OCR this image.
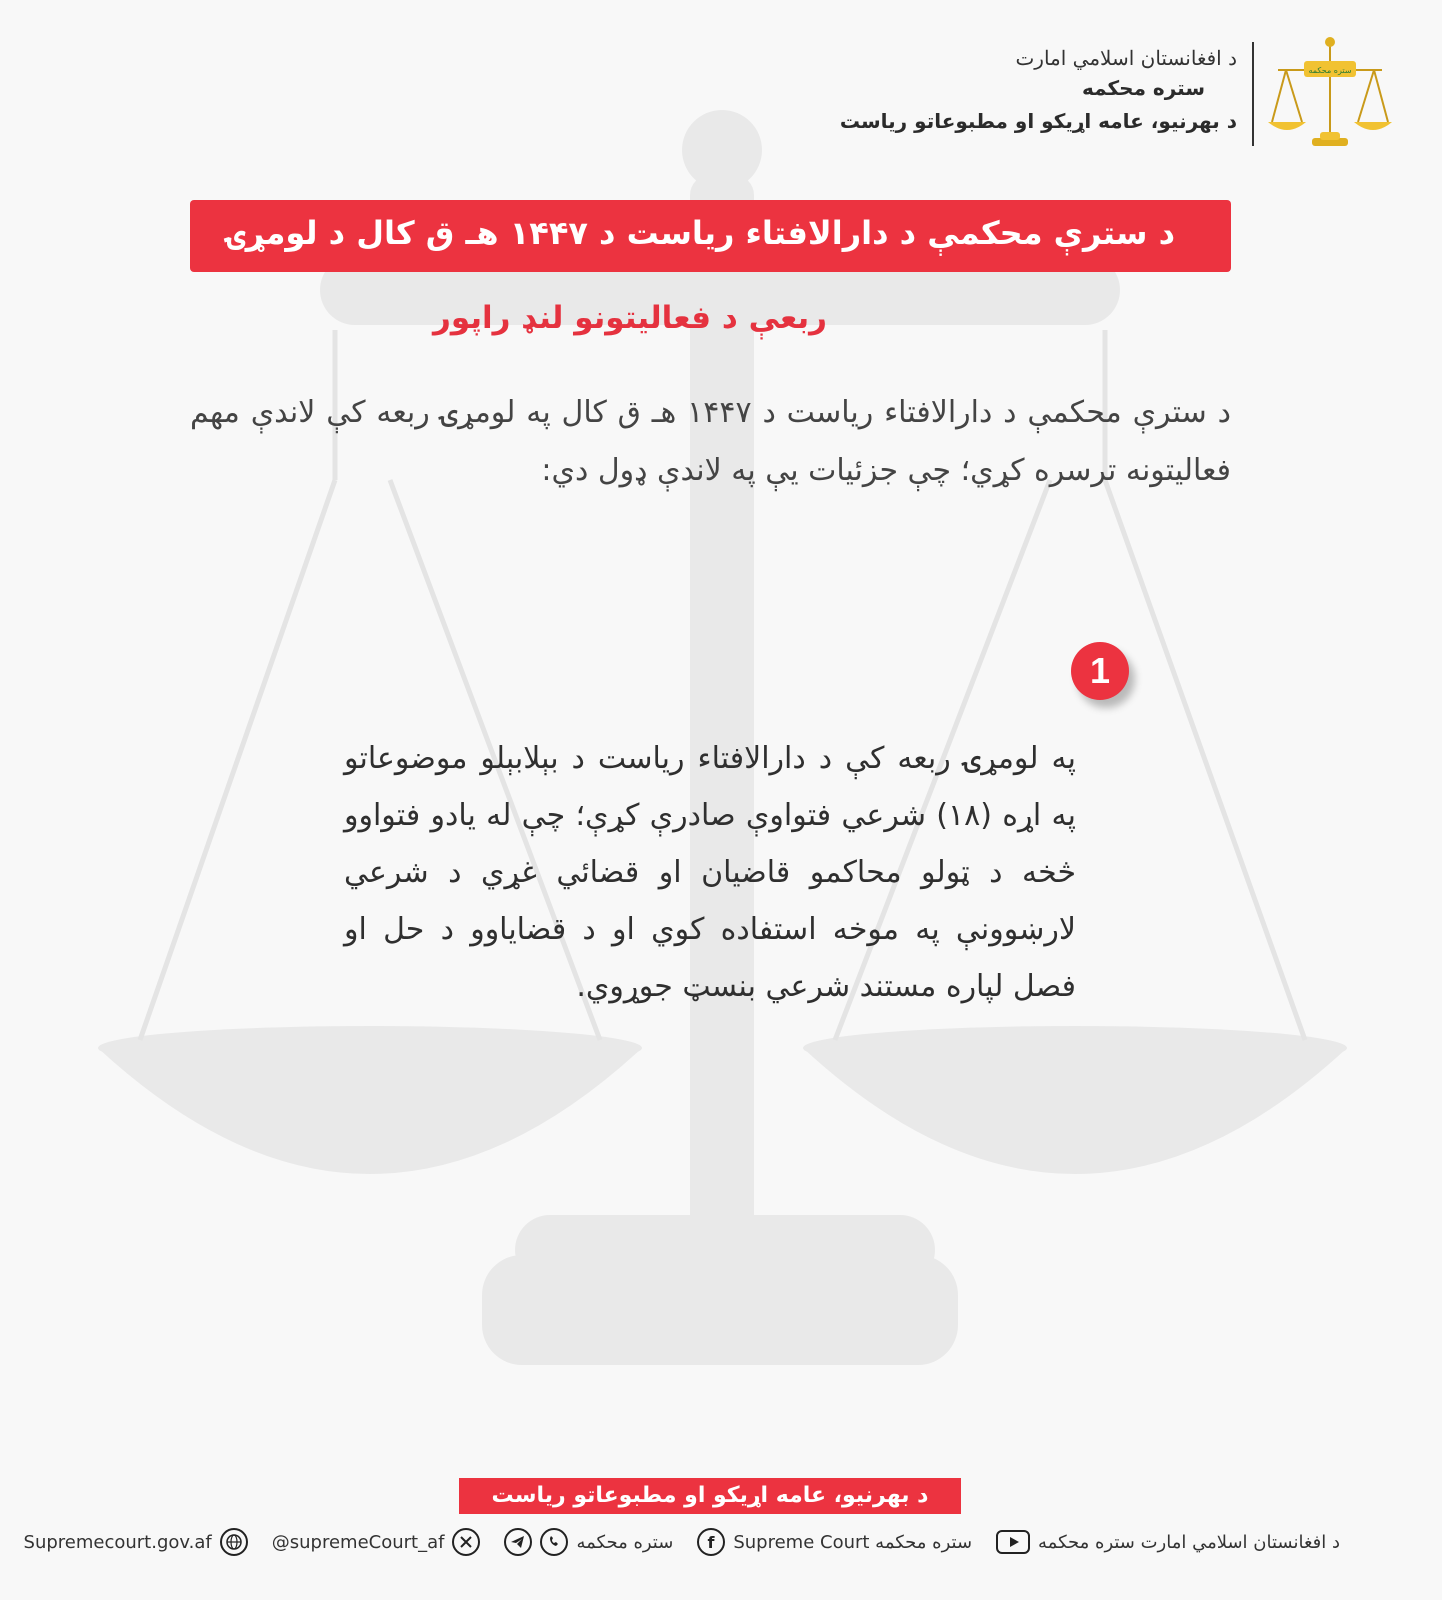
د افغانستان اسلامي امارت
ستره محکمه
د بهرنیو، عامه اړیکو او مطبوعاتو ریاست
ستره محکمه
د سترې محکمې د دارالافتاء ریاست د ۱۴۴۷ هـ ق کال د لومړۍ
ربعې د فعالیتونو لنډ راپور
د سترې محکمې د دارالافتاء ریاست د ۱۴۴۷ هـ ق کال په لومړۍ ربعه کې لاندې مهم فعالیتونه ترسره کړي؛ چې جزئیات یې په لاندې ډول دي:
1
په لومړۍ ربعه کې د دارالافتاء ریاست د بېلابېلو موضوعاتو په اړه (۱۸) شرعي فتواوې صادرې کړې؛ چې له یادو فتواوو څخه د ټولو محاکمو قاضیان او قضائي غړي د شرعي لارښوونې په موخه استفاده کوي او د قضایاوو د حل او فصل لپاره مستند شرعي بنسټ جوړوي.
د بهرنیو، عامه اړیکو او مطبوعاتو ریاست
د افغانستان اسلامي امارت ستره محکمه
ستره محکمه Supreme Court
f
ستره محکمه
@supremeCourt_af
Supremecourt.gov.af
